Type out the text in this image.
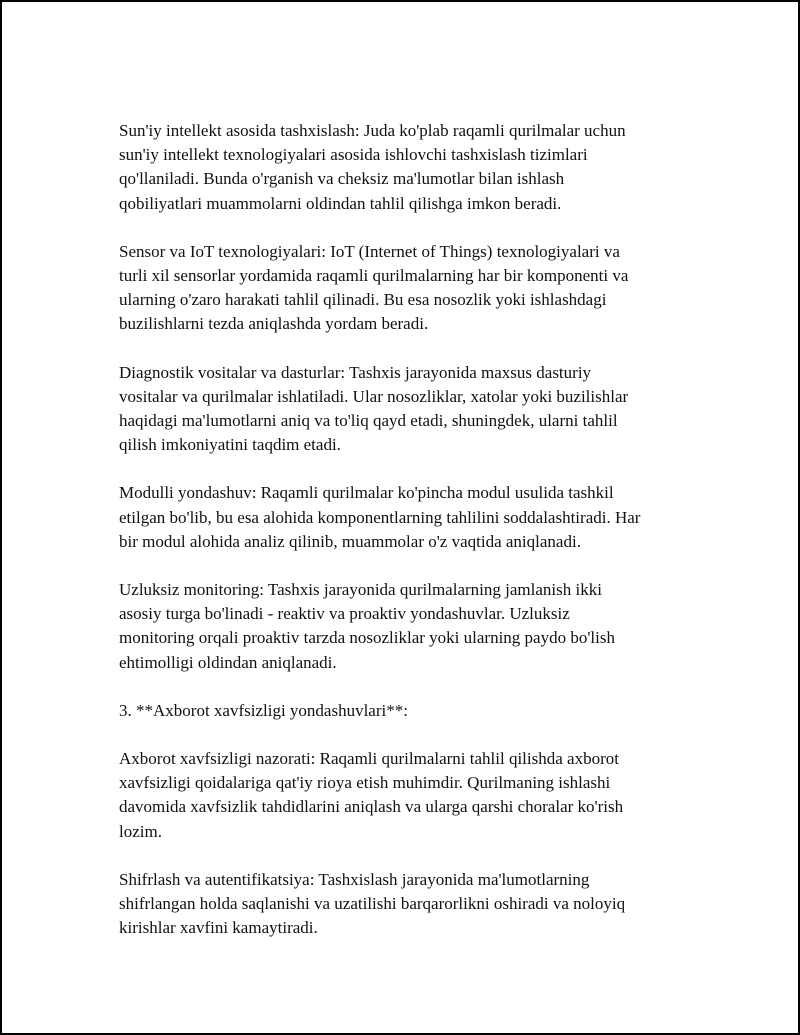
Sun'iy intellekt asosida tashxislash: Juda ko'plab raqamli qurilmalar uchun
sun'iy intellekt texnologiyalari asosida ishlovchi tashxislash tizimlari
qo'llaniladi. Bunda o'rganish va cheksiz ma'lumotlar bilan ishlash
qobiliyatlari muammolarni oldindan tahlil qilishga imkon beradi.

Sensor va IoT texnologiyalari: IoT (Internet of Things) texnologiyalari va
turli xil sensorlar yordamida raqamli qurilmalarning har bir komponenti va
ularning o'zaro harakati tahlil qilinadi. Bu esa nosozlik yoki ishlashdagi
buzilishlarni tezda aniqlashda yordam beradi.

Diagnostik vositalar va dasturlar: Tashxis jarayonida maxsus dasturiy
vositalar va qurilmalar ishlatiladi. Ular nosozliklar, xatolar yoki buzilishlar
haqidagi ma'lumotlarni aniq va to'liq qayd etadi, shuningdek, ularni tahlil
qilish imkoniyatini taqdim etadi.

Modulli yondashuv: Raqamli qurilmalar ko'pincha modul usulida tashkil
etilgan bo'lib, bu esa alohida komponentlarning tahlilini soddalashtiradi. Har
bir modul alohida analiz qilinib, muammolar o'z vaqtida aniqlanadi.

Uzluksiz monitoring: Tashxis jarayonida qurilmalarning jamlanish ikki
asosiy turga bo'linadi - reaktiv va proaktiv yondashuvlar. Uzluksiz
monitoring orqali proaktiv tarzda nosozliklar yoki ularning paydo bo'lish
ehtimolligi oldindan aniqlanadi.

3. **Axborot xavfsizligi yondashuvlari**:

Axborot xavfsizligi nazorati: Raqamli qurilmalarni tahlil qilishda axborot
xavfsizligi qoidalariga qat'iy rioya etish muhimdir. Qurilmaning ishlashi
davomida xavfsizlik tahdidlarini aniqlash va ularga qarshi choralar ko'rish
lozim.

Shifrlash va autentifikatsiya: Tashxislash jarayonida ma'lumotlarning
shifrlangan holda saqlanishi va uzatilishi barqarorlikni oshiradi va noloyiq
kirishlar xavfini kamaytiradi.
